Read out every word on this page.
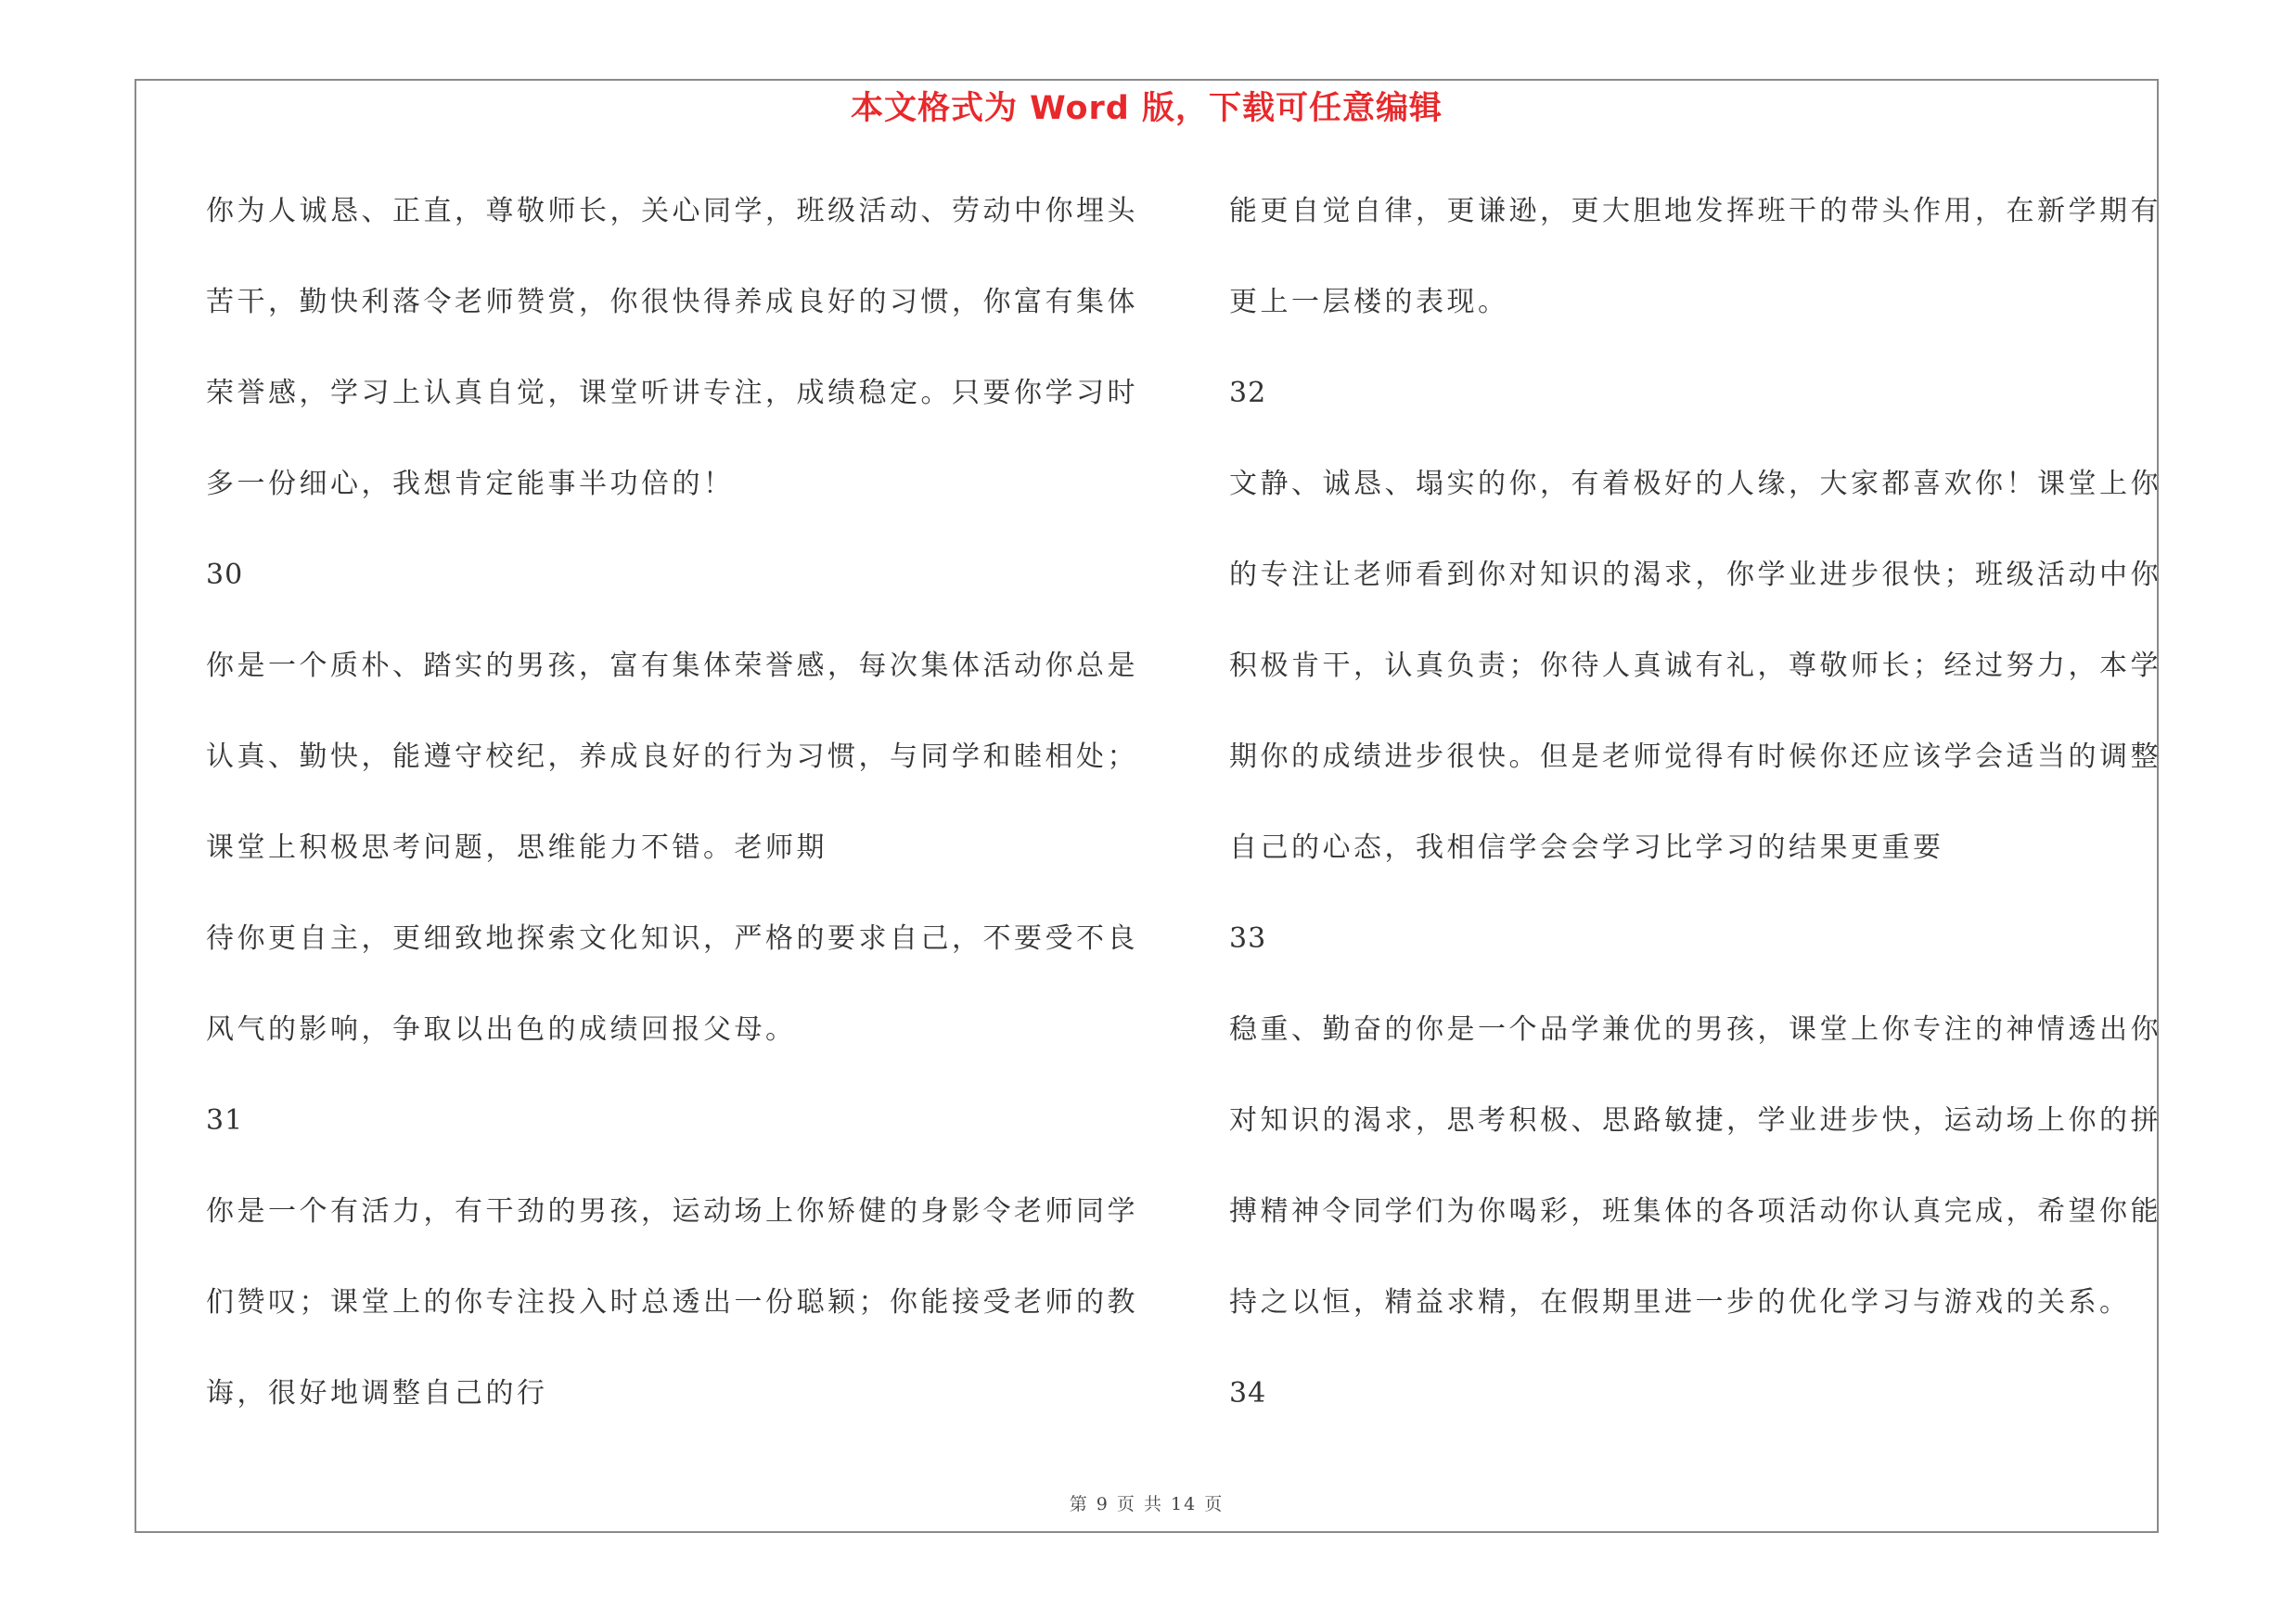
本文格式为 Word 版，下载可任意编辑
你为人诚恳、正直，尊敬师长，关心同学，班级活动、劳动中你埋头
苦干，勤快利落令老师赞赏，你很快得养成良好的习惯，你富有集体
荣誉感，学习上认真自觉，课堂听讲专注，成绩稳定。只要你学习时
多一份细心，我想肯定能事半功倍的！
30
你是一个质朴、踏实的男孩，富有集体荣誉感，每次集体活动你总是
认真、勤快，能遵守校纪，养成良好的行为习惯，与同学和睦相处；
课堂上积极思考问题，思维能力不错。老师期
待你更自主，更细致地探索文化知识，严格的要求自己，不要受不良
风气的影响，争取以出色的成绩回报父母。
31
你是一个有活力，有干劲的男孩，运动场上你矫健的身影令老师同学
们赞叹；课堂上的你专注投入时总透出一份聪颖；你能接受老师的教
诲，很好地调整自己的行
能更自觉自律，更谦逊，更大胆地发挥班干的带头作用，在新学期有
更上一层楼的表现。
32
文静、诚恳、塌实的你，有着极好的人缘，大家都喜欢你！课堂上你
的专注让老师看到你对知识的渴求，你学业进步很快；班级活动中你
积极肯干，认真负责；你待人真诚有礼，尊敬师长；经过努力，本学
期你的成绩进步很快。但是老师觉得有时候你还应该学会适当的调整
自己的心态，我相信学会会学习比学习的结果更重要
33
稳重、勤奋的你是一个品学兼优的男孩，课堂上你专注的神情透出你
对知识的渴求，思考积极、思路敏捷，学业进步快，运动场上你的拼
搏精神令同学们为你喝彩，班集体的各项活动你认真完成，希望你能
持之以恒，精益求精，在假期里进一步的优化学习与游戏的关系。
34
第 9 页 共 14 页
